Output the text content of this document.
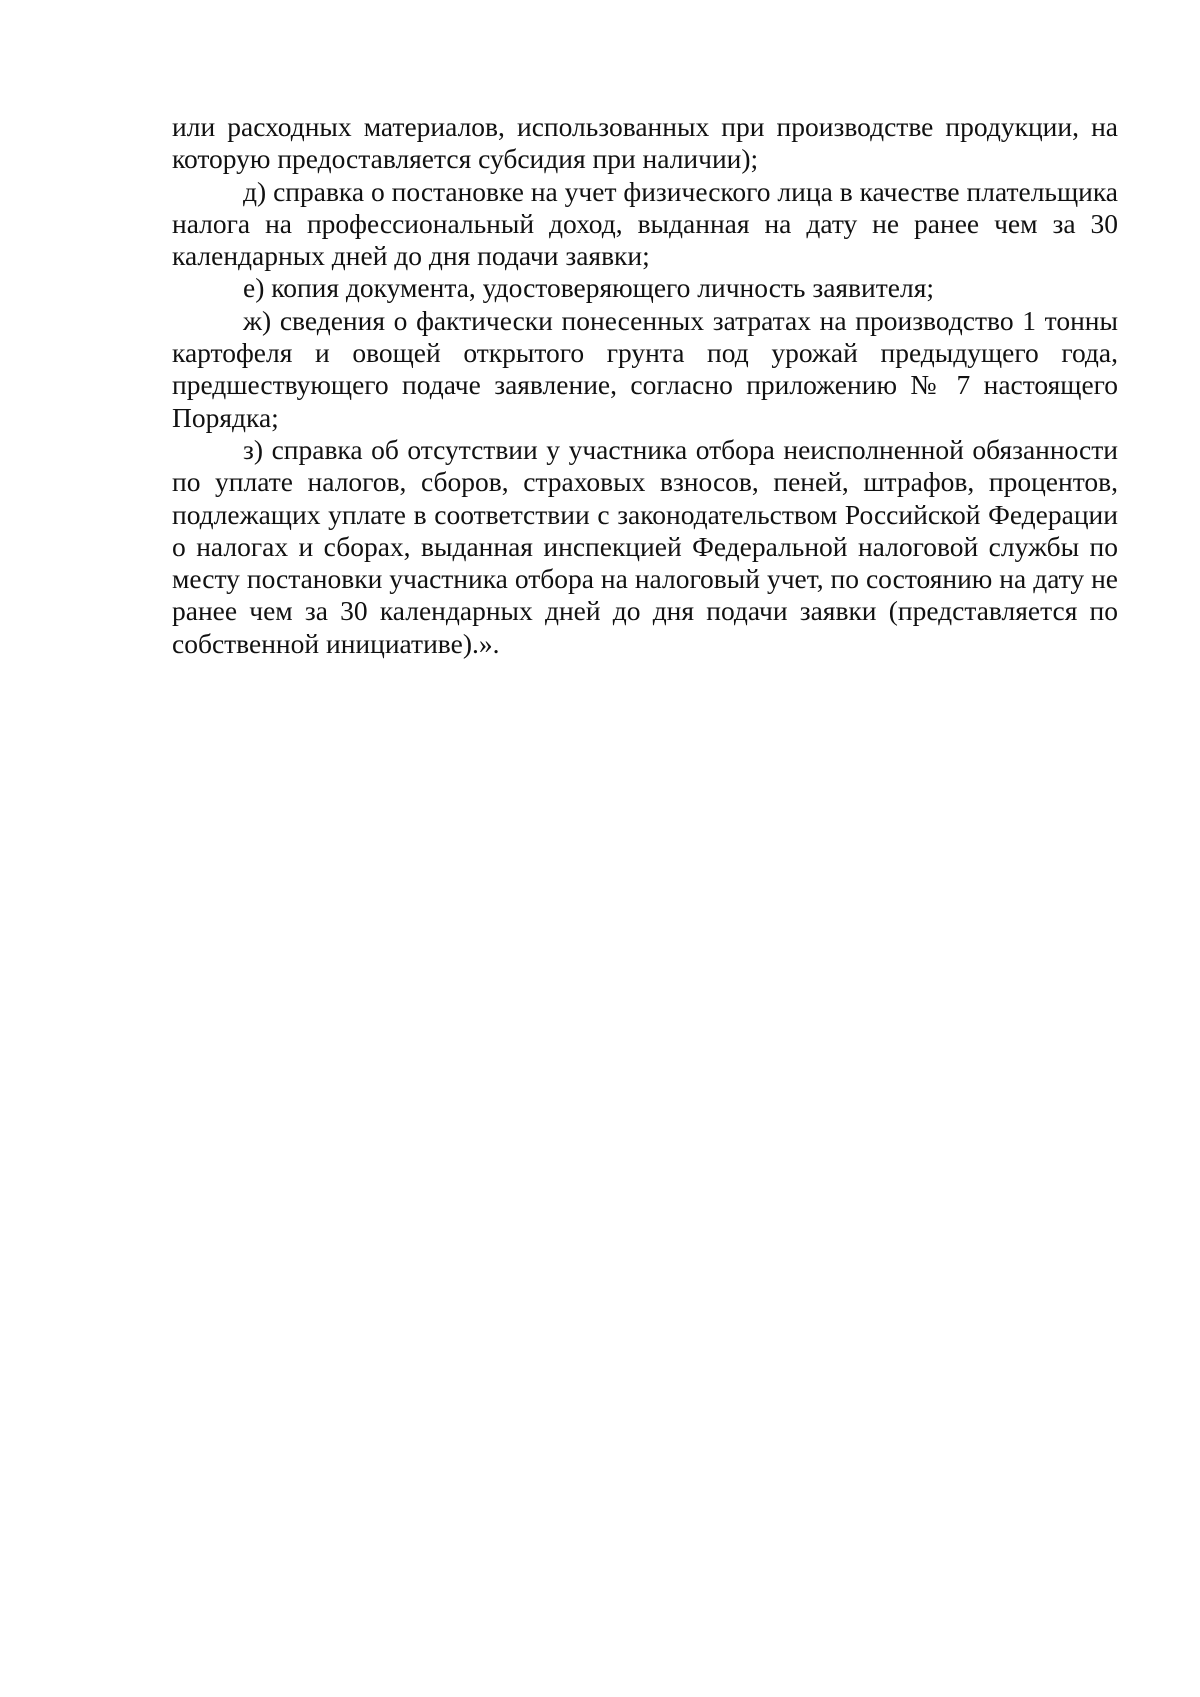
или расходных материалов, использованных при производстве продукции, на которую предоставляется субсидия при наличии);

д) справка о постановке на учет физического лица в качестве плательщика налога на профессиональный доход, выданная на дату не ранее чем за 30 календарных дней до дня подачи заявки;

е) копия документа, удостоверяющего личность заявителя;

ж) сведения о фактически понесенных затратах на производство 1 тонны картофеля и овощей открытого грунта под урожай предыдущего года, предшествующего подаче заявление, согласно приложению № 7 настоящего Порядка;

з) справка об отсутствии у участника отбора неисполненной обязанности по уплате налогов, сборов, страховых взносов, пеней, штрафов, процентов, подлежащих уплате в соответствии с законодательством Российской Федерации о налогах и сборах, выданная инспекцией Федеральной налоговой службы по месту постановки участника отбора на налоговый учет, по состоянию на дату не ранее чем за 30 календарных дней до дня подачи заявки (представляется по собственной инициативе).».
